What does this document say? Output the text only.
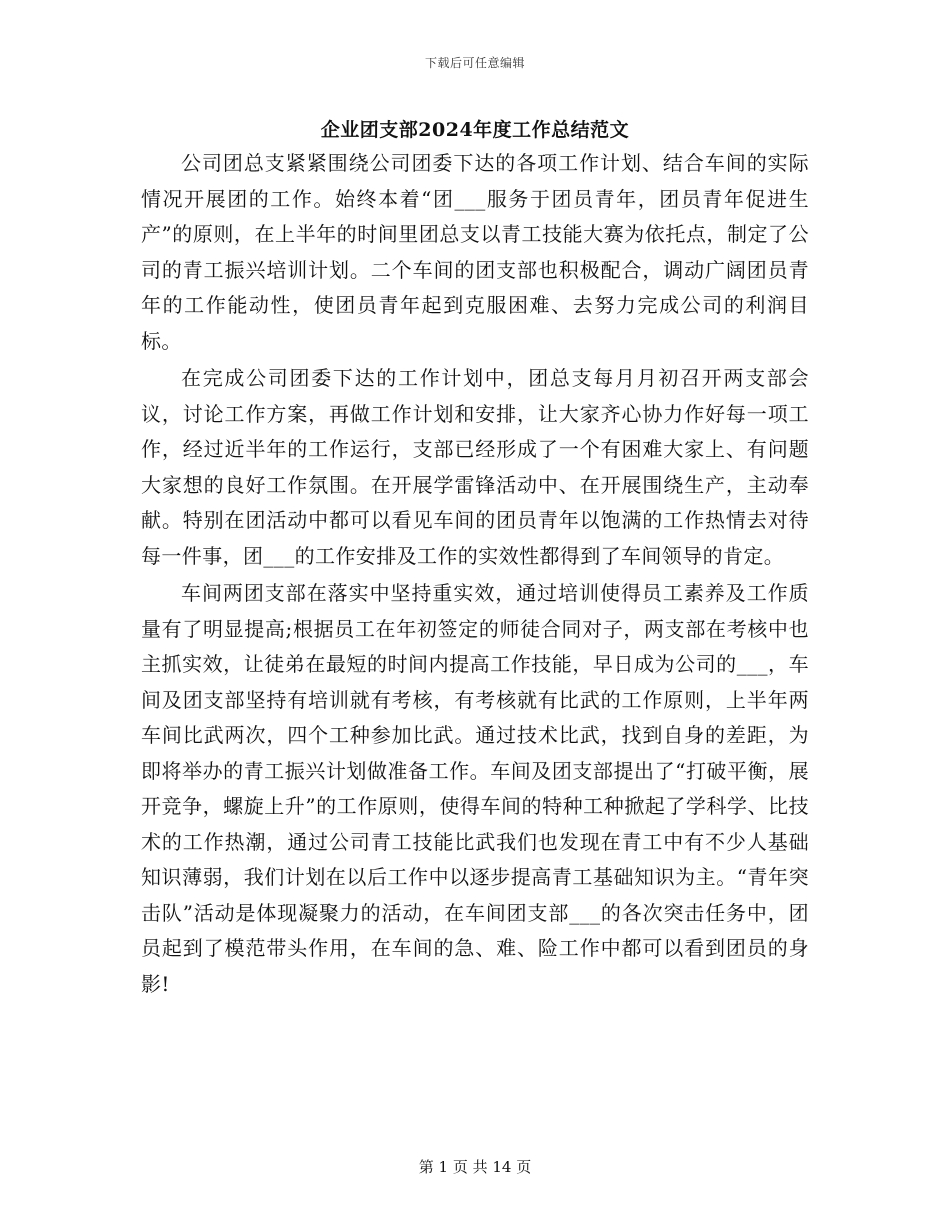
下载后可任意编辑
企业团支部2024年度工作总结范文

公司团总支紧紧围绕公司团委下达的各项工作计划、结合车间的实际情况开展团的工作。始终本着“团___服务于团员青年，团员青年促进生产”的原则，在上半年的时间里团总支以青工技能大赛为依托点，制定了公司的青工振兴培训计划。二个车间的团支部也积极配合，调动广阔团员青年的工作能动性，使团员青年起到克服困难、去努力完成公司的利润目标。

在完成公司团委下达的工作计划中，团总支每月月初召开两支部会议，讨论工作方案，再做工作计划和安排，让大家齐心协力作好每一项工作，经过近半年的工作运行，支部已经形成了一个有困难大家上、有问题大家想的良好工作氛围。在开展学雷锋活动中、在开展围绕生产，主动奉献。特别在团活动中都可以看见车间的团员青年以饱满的工作热情去对待每一件事，团___的工作安排及工作的实效性都得到了车间领导的肯定。

车间两团支部在落实中坚持重实效，通过培训使得员工素养及工作质量有了明显提高;根据员工在年初签定的师徒合同对子，两支部在考核中也主抓实效，让徒弟在最短的时间内提高工作技能，早日成为公司的___，车间及团支部坚持有培训就有考核，有考核就有比武的工作原则，上半年两车间比武两次，四个工种参加比武。通过技术比武，找到自身的差距，为即将举办的青工振兴计划做准备工作。车间及团支部提出了“打破平衡，展开竞争，螺旋上升”的工作原则，使得车间的特种工种掀起了学科学、比技术的工作热潮，通过公司青工技能比武我们也发现在青工中有不少人基础知识薄弱，我们计划在以后工作中以逐步提高青工基础知识为主。“青年突击队”活动是体现凝聚力的活动，在车间团支部___的各次突击任务中，团员起到了模范带头作用，在车间的急、难、险工作中都可以看到团员的身影!

第 1 页 共 14 页
